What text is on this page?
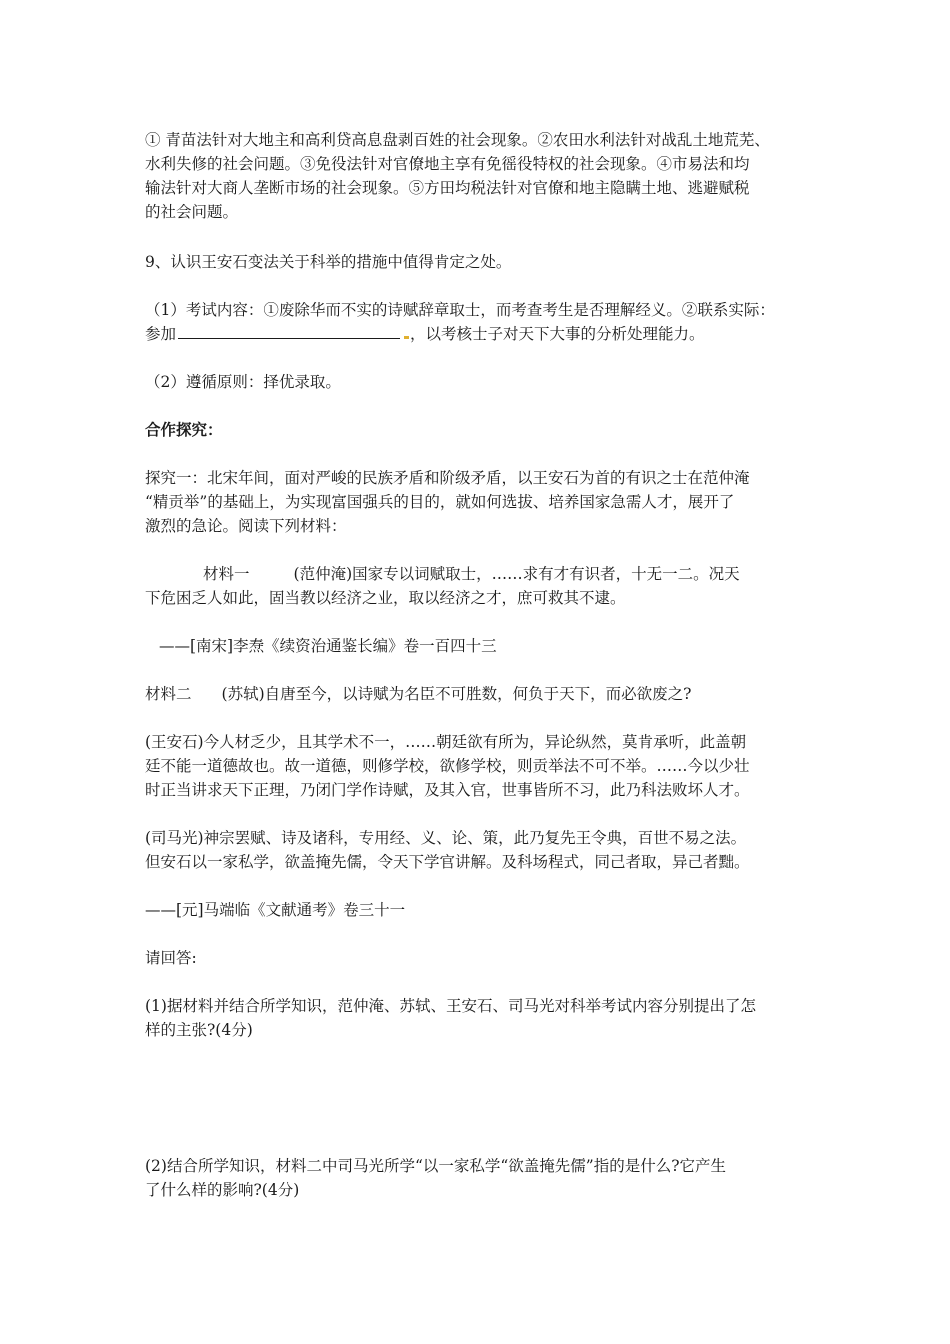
① 青苗法针对大地主和高利贷高息盘剥百姓的社会现象。②农田水利法针对战乱土地荒芜、
水利失修的社会问题。③免役法针对官僚地主享有免徭役特权的社会现象。④市易法和均
输法针对大商人垄断市场的社会现象。⑤方田均税法针对官僚和地主隐瞒土地、逃避赋税
的社会问题。

9、认识王安石变法关于科举的措施中值得肯定之处。

（1）考试内容：①废除华而不实的诗赋辞章取士，而考查考生是否理解经义。②联系实际：
参加	，以考核士子对天下大事的分析处理能力。

（2）遵循原则：择优录取。

合作探究：

探究一：北宋年间，面对严峻的民族矛盾和阶级矛盾，以王安石为首的有识之士在范仲淹
“精贡举”的基础上，为实现富国强兵的目的，就如何选拔、培养国家急需人才，展开了
激烈的急论。阅读下列材料：

材料一	(范仲淹)国家专以词赋取士，……求有才有识者，十无一二。况天
下危困乏人如此，固当教以经济之业，取以经济之才，庶可救其不逮。

——[南宋]李焘《续资治通鉴长编》卷一百四十三

材料二 (苏轼)自唐至今，以诗赋为名臣不可胜数，何负于天下，而必欲废之?

(王安石)今人材乏少，且其学术不一，……朝廷欲有所为，异论纵然，莫肯承听，此盖朝
廷不能一道德故也。故一道德，则修学校，欲修学校，则贡举法不可不举。……今以少壮
时正当讲求天下正理，乃闭门学作诗赋，及其入官，世事皆所不习，此乃科法败坏人才。

(司马光)神宗罢赋、诗及诸科，专用经、义、论、策，此乃复先王令典，百世不易之法。
但安石以一家私学，欲盖掩先儒，令天下学官讲解。及科场程式，同己者取，异己者黜。

——[元]马端临《文献通考》卷三十一

请回答:

(1)据材料并结合所学知识，范仲淹、苏轼、王安石、司马光对科举考试内容分别提出了怎
样的主张?(4分)

(2)结合所学知识，材料二中司马光所学“以一家私学“欲盖掩先儒”指的是什么?它产生
了什么样的影响?(4分)
